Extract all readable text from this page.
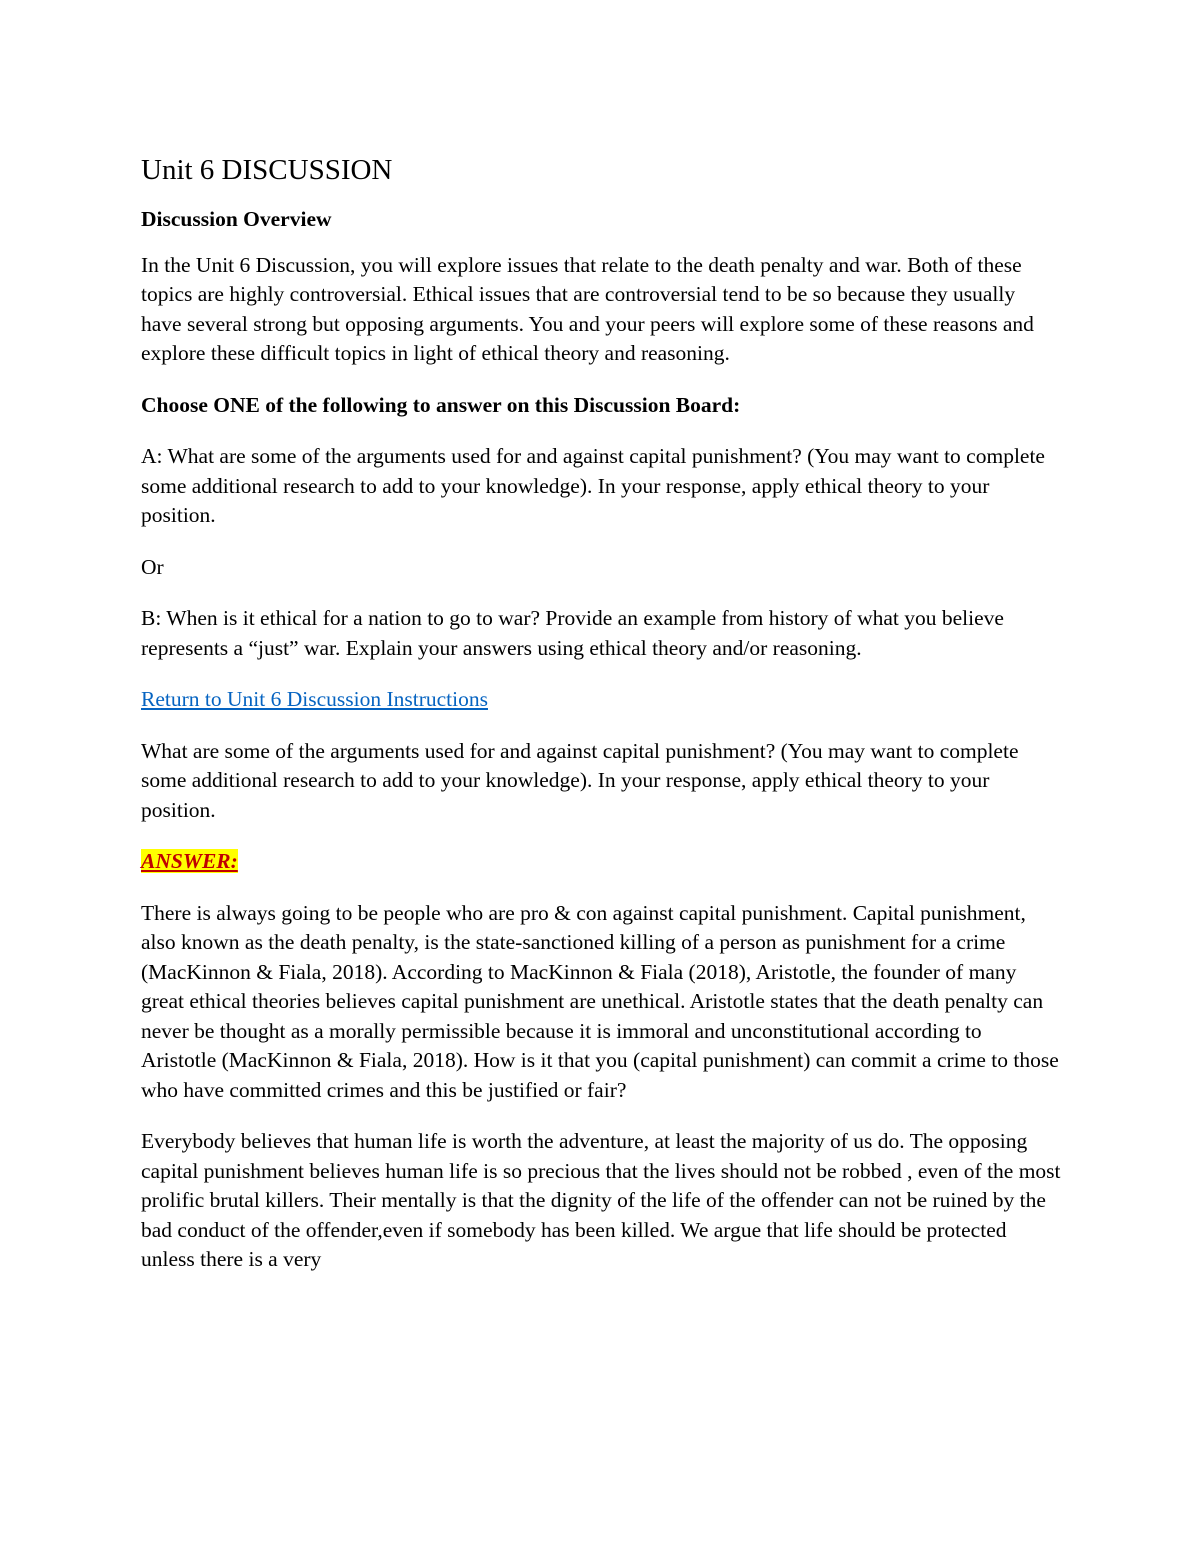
Unit 6 DISCUSSION
Discussion Overview

In the Unit 6 Discussion, you will explore issues that relate to the death penalty and war. Both of these topics are highly controversial. Ethical issues that are controversial tend to be so because they usually have several strong but opposing arguments. You and your peers will explore some of these reasons and explore these difficult topics in light of ethical theory and reasoning.

Choose ONE of the following to answer on this Discussion Board:

A: What are some of the arguments used for and against capital punishment? (You may want to complete some additional research to add to your knowledge). In your response, apply ethical theory to your position.

Or

B: When is it ethical for a nation to go to war? Provide an example from history of what you believe represents a “just” war. Explain your answers using ethical theory and/or reasoning.

Return to Unit 6 Discussion Instructions

What are some of the arguments used for and against capital punishment? (You may want to complete some additional research to add to your knowledge). In your response, apply ethical theory to your position.

ANSWER:

There is always going to be people who are pro & con against capital punishment. Capital punishment, also known as the death penalty, is the state-sanctioned killing of a person as punishment for a crime (MacKinnon & Fiala, 2018). According to MacKinnon & Fiala (2018), Aristotle, the founder of many great ethical theories believes capital punishment are unethical. Aristotle states that the death penalty can never be thought as a morally permissible because it is immoral and unconstitutional according to Aristotle (MacKinnon & Fiala, 2018). How is it that you (capital punishment) can commit a crime to those who have committed crimes and this be justified or fair?

Everybody believes that human life is worth the adventure, at least the majority of us do. The opposing capital punishment believes human life is so precious that the lives should not be robbed , even of the most prolific brutal killers. Their mentally is that the dignity of the life of the offender can not be ruined by the bad conduct of the offender,even if somebody has been killed. We argue that life should be protected unless there is a very
